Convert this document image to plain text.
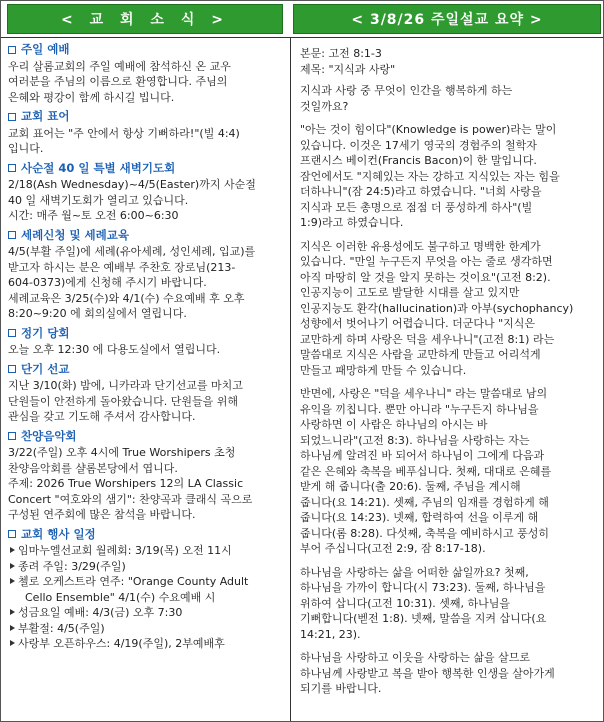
< 교 회 소 식 >	< 3/8/26 주일설교 요약 >
주일 예배

우리 살롬교회의 주일 예배에 참석하신 온 교우
여러분을 주님의 이름으로 환영합니다. 주님의
은혜와 평강이 함께 하시길 빕니다.

교회 표어

교회 표어는 "주 안에서 항상 기뻐하라!"(빌 4:4)
입니다.

사순절 40 일 특별 새벽기도회

2/18(Ash Wednesday)~4/5(Easter)까지 사순절
40 일 새벽기도회가 열리고 있습니다.
시간: 매주 월~토 오전 6:00~6:30

세례신청 및 세례교육

4/5(부활 주일)에 세례(유아세례, 성인세례, 입교)를
받고자 하시는 분은 예배부 주찬호 장로님(213-
604-0373)에게 신청해 주시기 바랍니다.
세례교육은 3/25(수)와 4/1(수) 수요예배 후 오후
8:20~9:20 에 회의실에서 열립니다.

정기 당회

오늘 오후 12:30 에 다용도실에서 열립니다.

단기 선교

지난 3/10(화) 밤에, 니카라과 단기선교를 마치고
단원들이 안전하게 돌아왔습니다. 단원들을 위해
관심을 갖고 기도해 주셔서 감사합니다.

찬양음악회

3/22(주일) 오후 4시에 True Worshipers 초청
찬양음악회를 샬롬본당에서 엽니다.
주제: 2026 True Worshipers 12의 LA Classic
Concert "여호와의 샘기": 찬양곡과 클래식 곡으로
구성된 연주회에 많은 참석을 바랍니다.

교회 행사 일정
임마누엘선교회 월례회: 3/19(목) 오전 11시
종려 주일: 3/29(주일)
첼로 오케스트라 연주: "Orange County Adult
Cello Ensemble" 4/1(수) 수요예배 시
성금요일 예배: 4/3(금) 오후 7:30
부활절: 4/5(주일)
사랑부 오픈하우스: 4/19(주일), 2부예배후
본문: 고전 8:1-3
제목: "지식과 사랑"

지식과 사랑 중 무엇이 인간을 행복하게 하는
것일까요?

"아는 것이 힘이다"(Knowledge is power)라는 말이
있습니다. 이것은 17세기 영국의 경험주의 철학자
프랜시스 베이컨(Francis Bacon)이 한 말입니다.
잠언에서도 "지혜있는 자는 강하고 지식있는 자는 힘을
더하나니"(잠 24:5)라고 하였습니다. "너희 사랑을
지식과 모든 총명으로 점점 더 풍성하게 하사"(빌
1:9)라고 하였습니다.

지식은 이러한 유용성에도 불구하고 명백한 한계가
있습니다. "만일 누구든지 무엇을 아는 줄로 생각하면
아직 마땅히 알 것을 알지 못하는 것이요"(고전 8:2).
인공지능이 고도로 발달한 시대를 살고 있지만
인공지능도 환각(hallucination)과 아부(sychophancy)
성향에서 벗어나기 어렵습니다. 더군다나 "지식은
교만하게 하며 사랑은 덕을 세우나니"(고전 8:1) 라는
말씀대로 지식은 사람을 교만하게 만들고 어리석게
만들고 패망하게 만들 수 있습니다.

반면에, 사랑은 "덕을 세우나니" 라는 말씀대로 남의
유익을 끼칩니다. 뿐만 아니라 "누구든지 하나님을
사랑하면 이 사람은 하나님의 아시는 바
되었느니라"(고전 8:3). 하나님을 사랑하는 자는
하나님께 알려진 바 되어서 하나님이 그에게 다음과
같은 은혜와 축복을 베푸십니다. 첫째, 대대로 은혜를
받게 해 줍니다(출 20:6). 둘째, 주님을 계시해
줍니다(요 14:21). 셋째, 주님의 임재를 경험하게 해
줍니다(요 14:23). 넷째, 합력하여 선을 이루게 해
줍니다(롬 8:28). 다섯째, 축복을 예비하시고 풍성히
부어 주십니다(고전 2:9, 잠 8:17-18).

하나님을 사랑하는 삶을 어떠한 삶일까요? 첫째,
하나님을 가까이 합니다(시 73:23). 둘째, 하나님을
위하여 삽니다(고전 10:31). 셋째, 하나님을
기뻐합니다(벧전 1:8). 넷째, 말씀을 지켜 삽니다(요
14:21, 23).

하나님을 사랑하고 이웃을 사랑하는 삶을 살므로
하나님께 사랑받고 복을 받아 행복한 인생을 살아가게
되기를 바랍니다.
